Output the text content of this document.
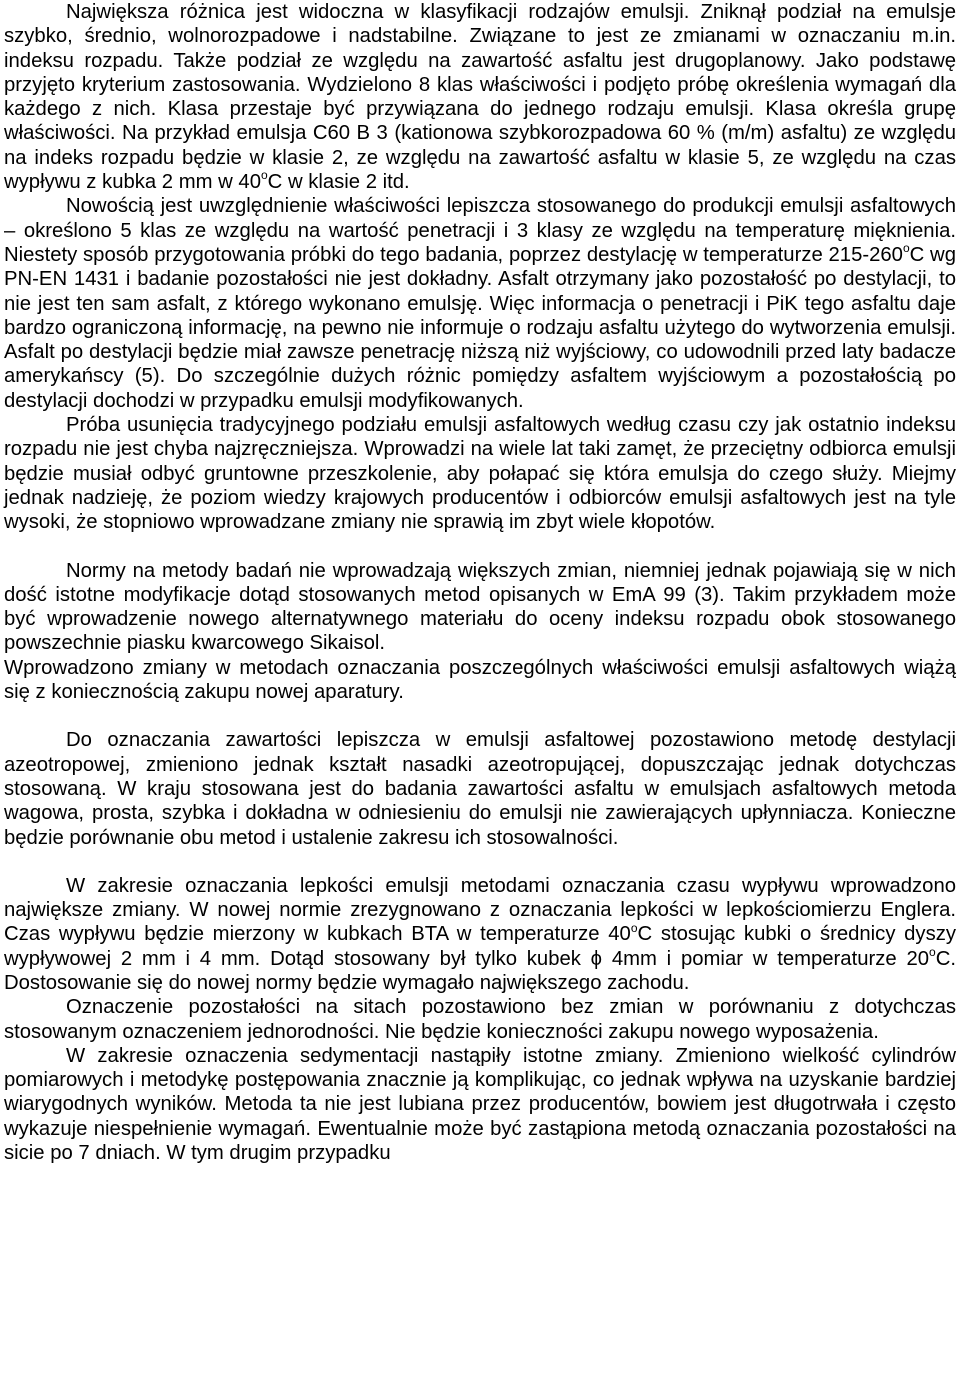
Największa różnica jest widoczna w klasyfikacji rodzajów emulsji. Zniknął podział na emulsje szybko, średnio, wolnorozpadowe i nadstabilne. Związane to jest ze zmianami w oznaczaniu m.in. indeksu rozpadu. Także podział ze względu na zawartość asfaltu jest drugoplanowy. Jako podstawę przyjęto kryterium zastosowania. Wydzielono 8 klas właściwości i podjęto próbę określenia wymagań dla każdego z nich. Klasa przestaje być przywiązana do jednego rodzaju emulsji. Klasa określa grupę właściwości. Na przykład emulsja C60 B 3 (kationowa szybkorozpadowa 60 % (m/m) asfaltu) ze względu na indeks rozpadu będzie w klasie 2, ze względu na zawartość asfaltu w klasie 5, ze względu na czas wypływu z kubka 2 mm w 40$^o$C w klasie 2 itd.

Nowością jest uwzględnienie właściwości lepiszcza stosowanego do produkcji emulsji asfaltowych – określono 5 klas ze względu na wartość penetracji i 3 klasy ze względu na temperaturę mięknienia. Niestety sposób przygotowania próbki do tego badania, poprzez destylację w temperaturze 215-260$^o$C wg PN-EN 1431 i badanie pozostałości nie jest dokładny. Asfalt otrzymany jako pozostałość po destylacji, to nie jest ten sam asfalt, z którego wykonano emulsję. Więc informacja o penetracji i PiK tego asfaltu daje bardzo ograniczoną informację, na pewno nie informuje o rodzaju asfaltu użytego do wytworzenia emulsji. Asfalt po destylacji będzie miał zawsze penetrację niższą niż wyjściowy, co udowodnili przed laty badacze amerykańscy (5). Do szczególnie dużych różnic pomiędzy asfaltem wyjściowym a pozostałością po destylacji dochodzi w przypadku emulsji modyfikowanych.

Próba usunięcia tradycyjnego podziału emulsji asfaltowych według czasu czy jak ostatnio indeksu rozpadu nie jest chyba najzręczniejsza. Wprowadzi na wiele lat taki zamęt, że przeciętny odbiorca emulsji będzie musiał odbyć gruntowne przeszkolenie, aby połapać się która emulsja do czego służy. Miejmy jednak nadzieję, że poziom wiedzy krajowych producentów i odbiorców emulsji asfaltowych jest na tyle wysoki, że stopniowo wprowadzane zmiany nie sprawią im zbyt wiele kłopotów.

Normy na metody badań nie wprowadzają większych zmian, niemniej jednak pojawiają się w nich dość istotne modyfikacje dotąd stosowanych metod opisanych w EmA 99 (3). Takim przykładem może być wprowadzenie nowego alternatywnego materiału do oceny indeksu rozpadu obok stosowanego powszechnie piasku kwarcowego Sikaisol.

Wprowadzono zmiany w metodach oznaczania poszczególnych właściwości emulsji asfaltowych wiążą się z koniecznością zakupu nowej aparatury.

Do oznaczania zawartości lepiszcza w emulsji asfaltowej pozostawiono metodę destylacji azeotropowej, zmieniono jednak kształt nasadki azeotropującej, dopuszczając jednak dotychczas stosowaną. W kraju stosowana jest do badania zawartości asfaltu w emulsjach asfaltowych metoda wagowa, prosta, szybka i dokładna w odniesieniu do emulsji nie zawierających upłynniacza. Konieczne będzie porównanie obu metod i ustalenie zakresu ich stosowalności.

W zakresie oznaczania lepkości emulsji metodami oznaczania czasu wypływu wprowadzono największe zmiany. W nowej normie zrezygnowano z oznaczania lepkości w lepkościomierzu Englera. Czas wypływu będzie mierzony w kubkach BTA w temperaturze 40$^o$C stosując kubki o średnicy dyszy wypływowej 2 mm i 4 mm. Dotąd stosowany był tylko kubek ϕ 4mm i pomiar w temperaturze 20$^o$C. Dostosowanie się do nowej normy będzie wymagało największego zachodu.

Oznaczenie pozostałości na sitach pozostawiono bez zmian w porównaniu z dotychczas stosowanym oznaczeniem jednorodności. Nie będzie konieczności zakupu nowego wyposażenia.

W zakresie oznaczenia sedymentacji nastąpiły istotne zmiany. Zmieniono wielkość cylindrów pomiarowych i metodykę postępowania znacznie ją komplikując, co jednak wpływa na uzyskanie bardziej wiarygodnych wyników. Metoda ta nie jest lubiana przez producentów, bowiem jest długotrwała i często wykazuje niespełnienie wymagań. Ewentualnie może być zastąpiona metodą oznaczania pozostałości na sicie po 7 dniach. W tym drugim przypadku
